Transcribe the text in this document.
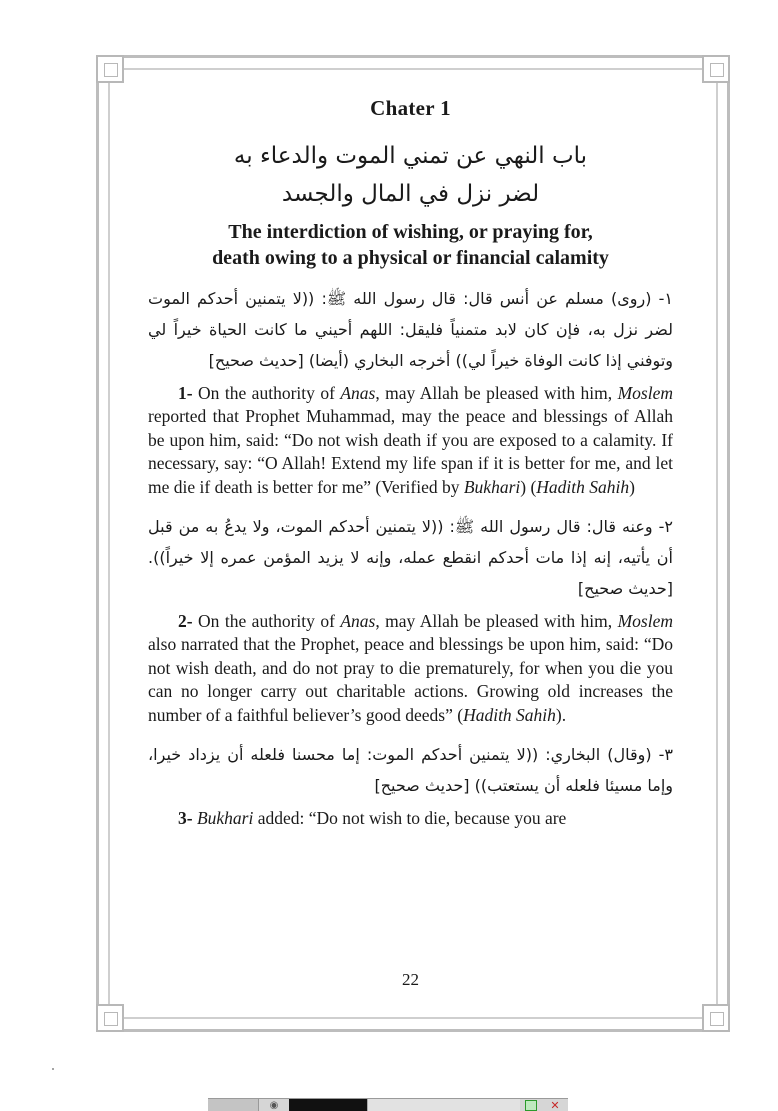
Chater 1
باب النهي عن تمني الموت والدعاء به
لضر نزل في المال والجسد
The interdiction of wishing, or praying for,
death owing to a physical or financial calamity

١- (روى) مسلم عن أنس قال: قال رسول الله ﷺ: ((لا يتمنين أحدكم الموت لضر نزل به، فإن كان لابد متمنياً فليقل: اللهم أحيني ما كانت الحياة خيراً لي وتوفني إذا كانت الوفاة خيراً لي)) أخرجه البخاري (أيضا) [حديث صحيح]

1- On the authority of Anas, may Allah be pleased with him, Moslem reported that Prophet Muhammad, may the peace and blessings of Allah be upon him, said: “Do not wish death if you are exposed to a calamity. If necessary, say: “O Allah! Extend my life span if it is better for me, and let me die if death is better for me” (Verified by Bukhari) (Hadith Sahih)

٢- وعنه قال: قال رسول الله ﷺ: ((لا يتمنين أحدكم الموت، ولا يدعُ به من قبل أن يأتيه، إنه إذا مات أحدكم انقطع عمله، وإنه لا يزيد المؤمن عمره إلا خيراً)). [حديث صحيح]

2- On the authority of Anas, may Allah be pleased with him, Moslem also narrated that the Prophet, peace and blessings be upon him, said: “Do not wish death, and do not pray to die prematurely, for when you die you can no longer carry out charitable actions. Growing old increases the number of a faithful believer’s good deeds” (Hadith Sahih).

٣- (وقال) البخاري: ((لا يتمنين أحدكم الموت: إما محسنا فلعله أن يزداد خيرا، وإما مسيئا فلعله أن يستعتب)) [حديث صحيح]

3- Bukhari added: “Do not wish to die, because you are

22
◉	✕
